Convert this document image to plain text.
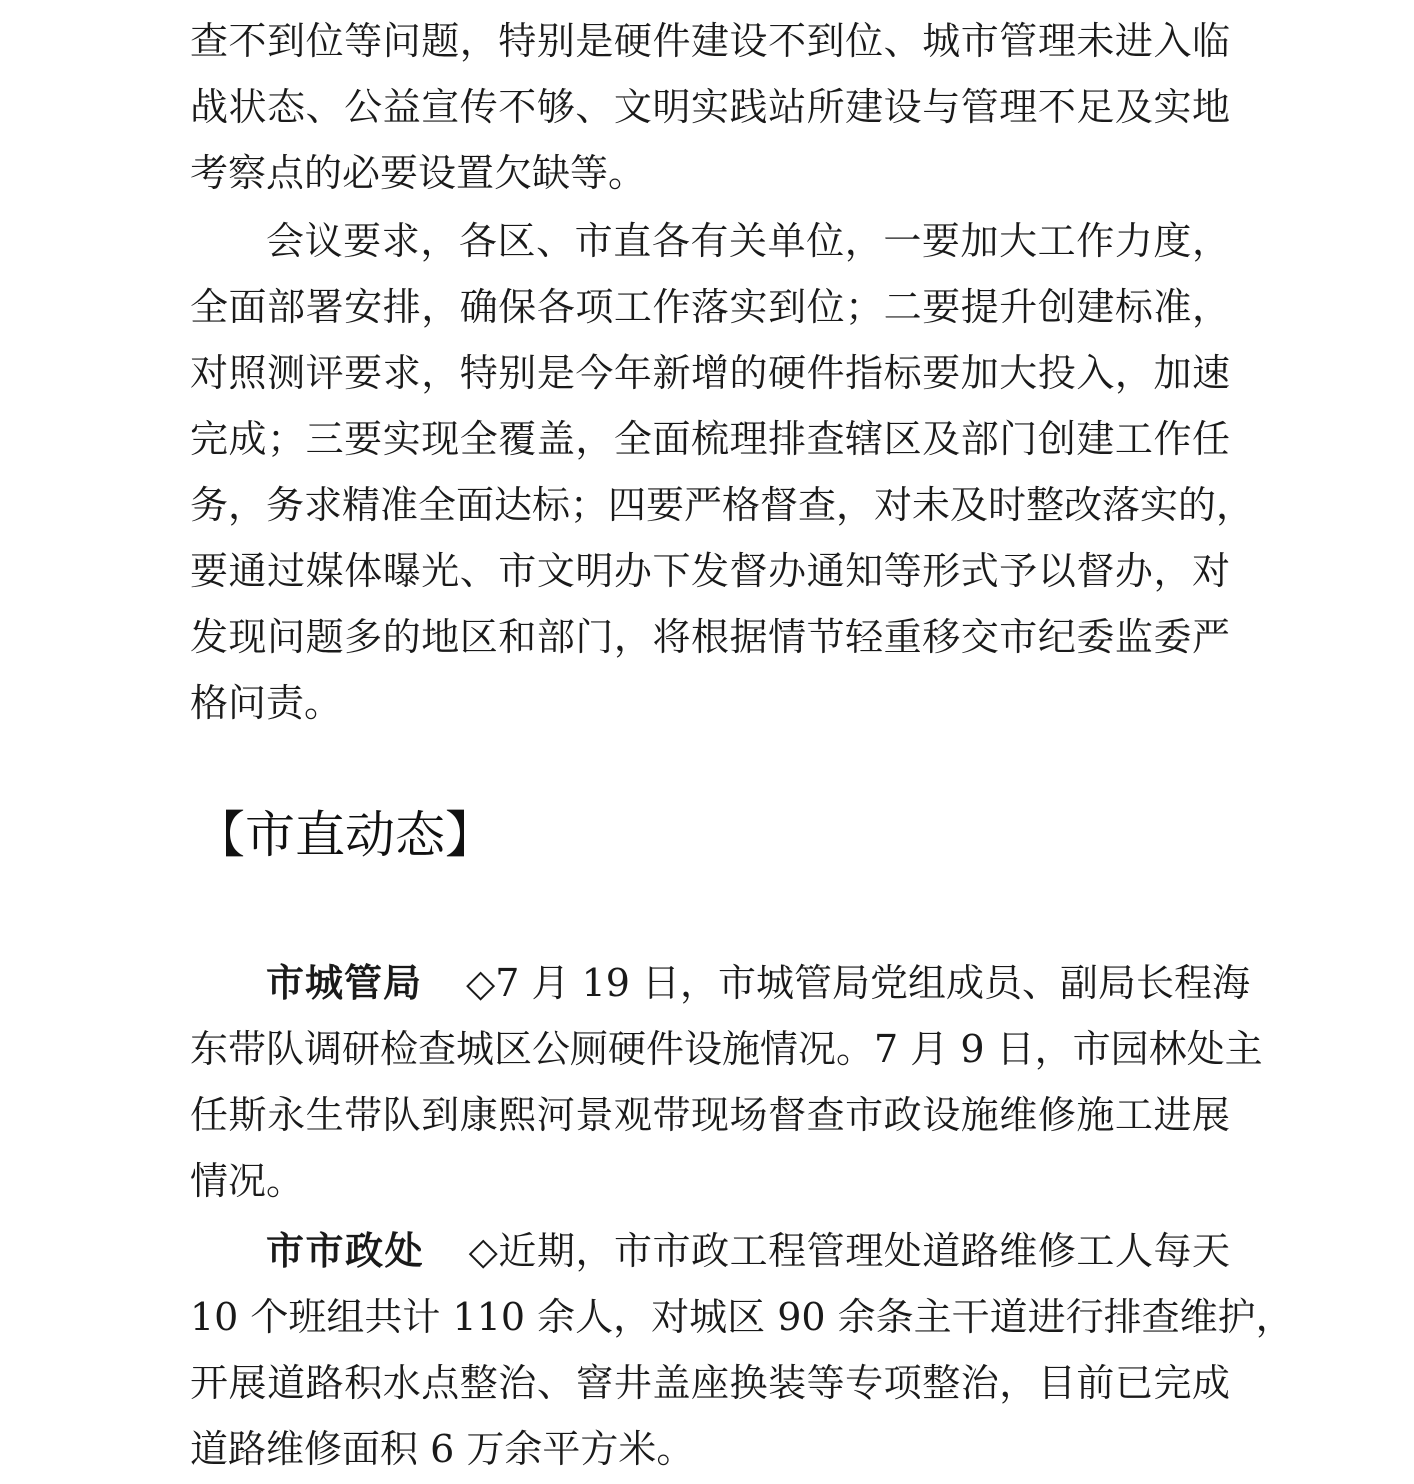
查不到位等问题，特别是硬件建设不到位、城市管理未进入临
战状态、公益宣传不够、文明实践站所建设与管理不足及实地
考察点的必要设置欠缺等。
会议要求，各区、市直各有关单位，一要加大工作力度，
全面部署安排，确保各项工作落实到位；二要提升创建标准，
对照测评要求，特别是今年新增的硬件指标要加大投入，加速
完成；三要实现全覆盖，全面梳理排查辖区及部门创建工作任
务，务求精准全面达标；四要严格督查，对未及时整改落实的，
要通过媒体曝光、市文明办下发督办通知等形式予以督办，对
发现问题多的地区和部门，将根据情节轻重移交市纪委监委严
格问责。
【市直动态】
市城管局 ◇7 月 19 日，市城管局党组成员、副局长程海
东带队调研检查城区公厕硬件设施情况。7 月 9 日，市园林处主
任斯永生带队到康熙河景观带现场督查市政设施维修施工进展
情况。
市市政处 ◇近期，市市政工程管理处道路维修工人每天
10 个班组共计 110 余人，对城区 90 余条主干道进行排查维护，
开展道路积水点整治、窨井盖座换装等专项整治，目前已完成
道路维修面积 6 万余平方米。
